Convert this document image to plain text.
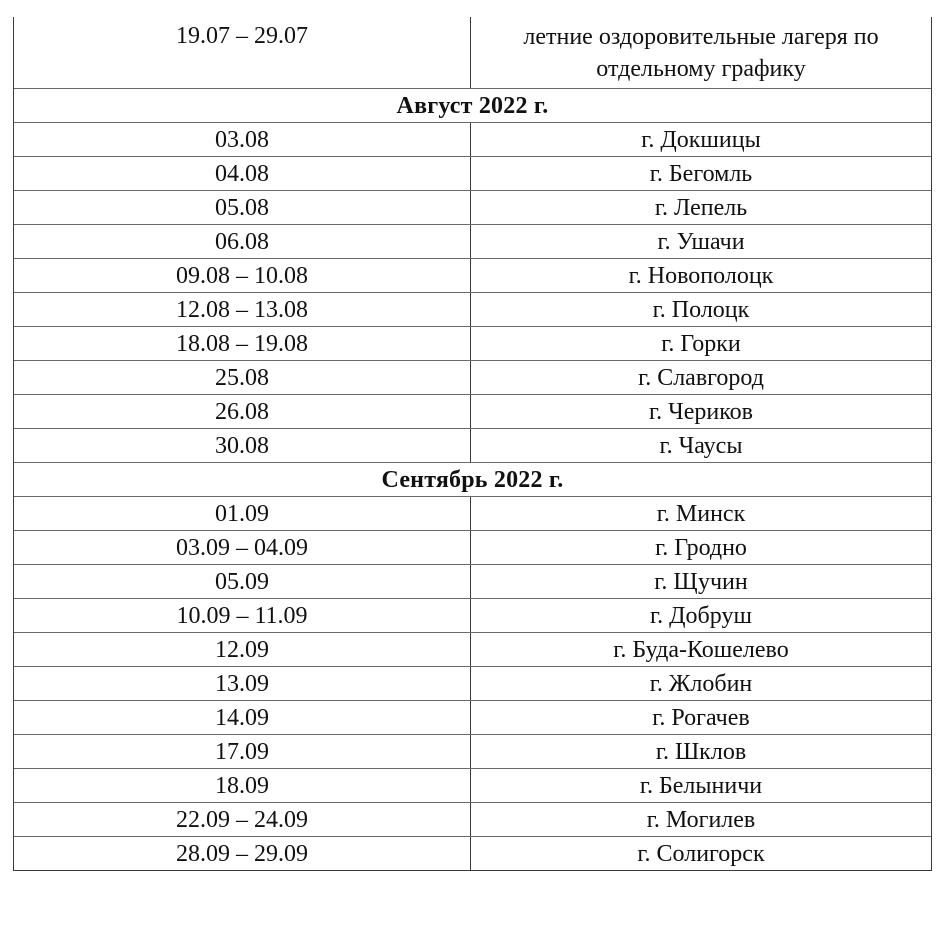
19.07 – 29.07	летние оздоровительные лагеря по отдельному графику
Август 2022 г.
03.08	г. Докшицы
04.08	г. Бегомль
05.08	г. Лепель
06.08	г. Ушачи
09.08 – 10.08	г. Новополоцк
12.08 – 13.08	г. Полоцк
18.08 – 19.08	г. Горки
25.08	г. Славгород
26.08	г. Чериков
30.08	г. Чаусы
Сентябрь 2022 г.
01.09	г. Минск
03.09 – 04.09	г. Гродно
05.09	г. Щучин
10.09 – 11.09	г. Добруш
12.09	г. Буда-Кошелево
13.09	г. Жлобин
14.09	г. Рогачев
17.09	г. Шклов
18.09	г. Белыничи
22.09 – 24.09	г. Могилев
28.09 – 29.09	г. Солигорск
